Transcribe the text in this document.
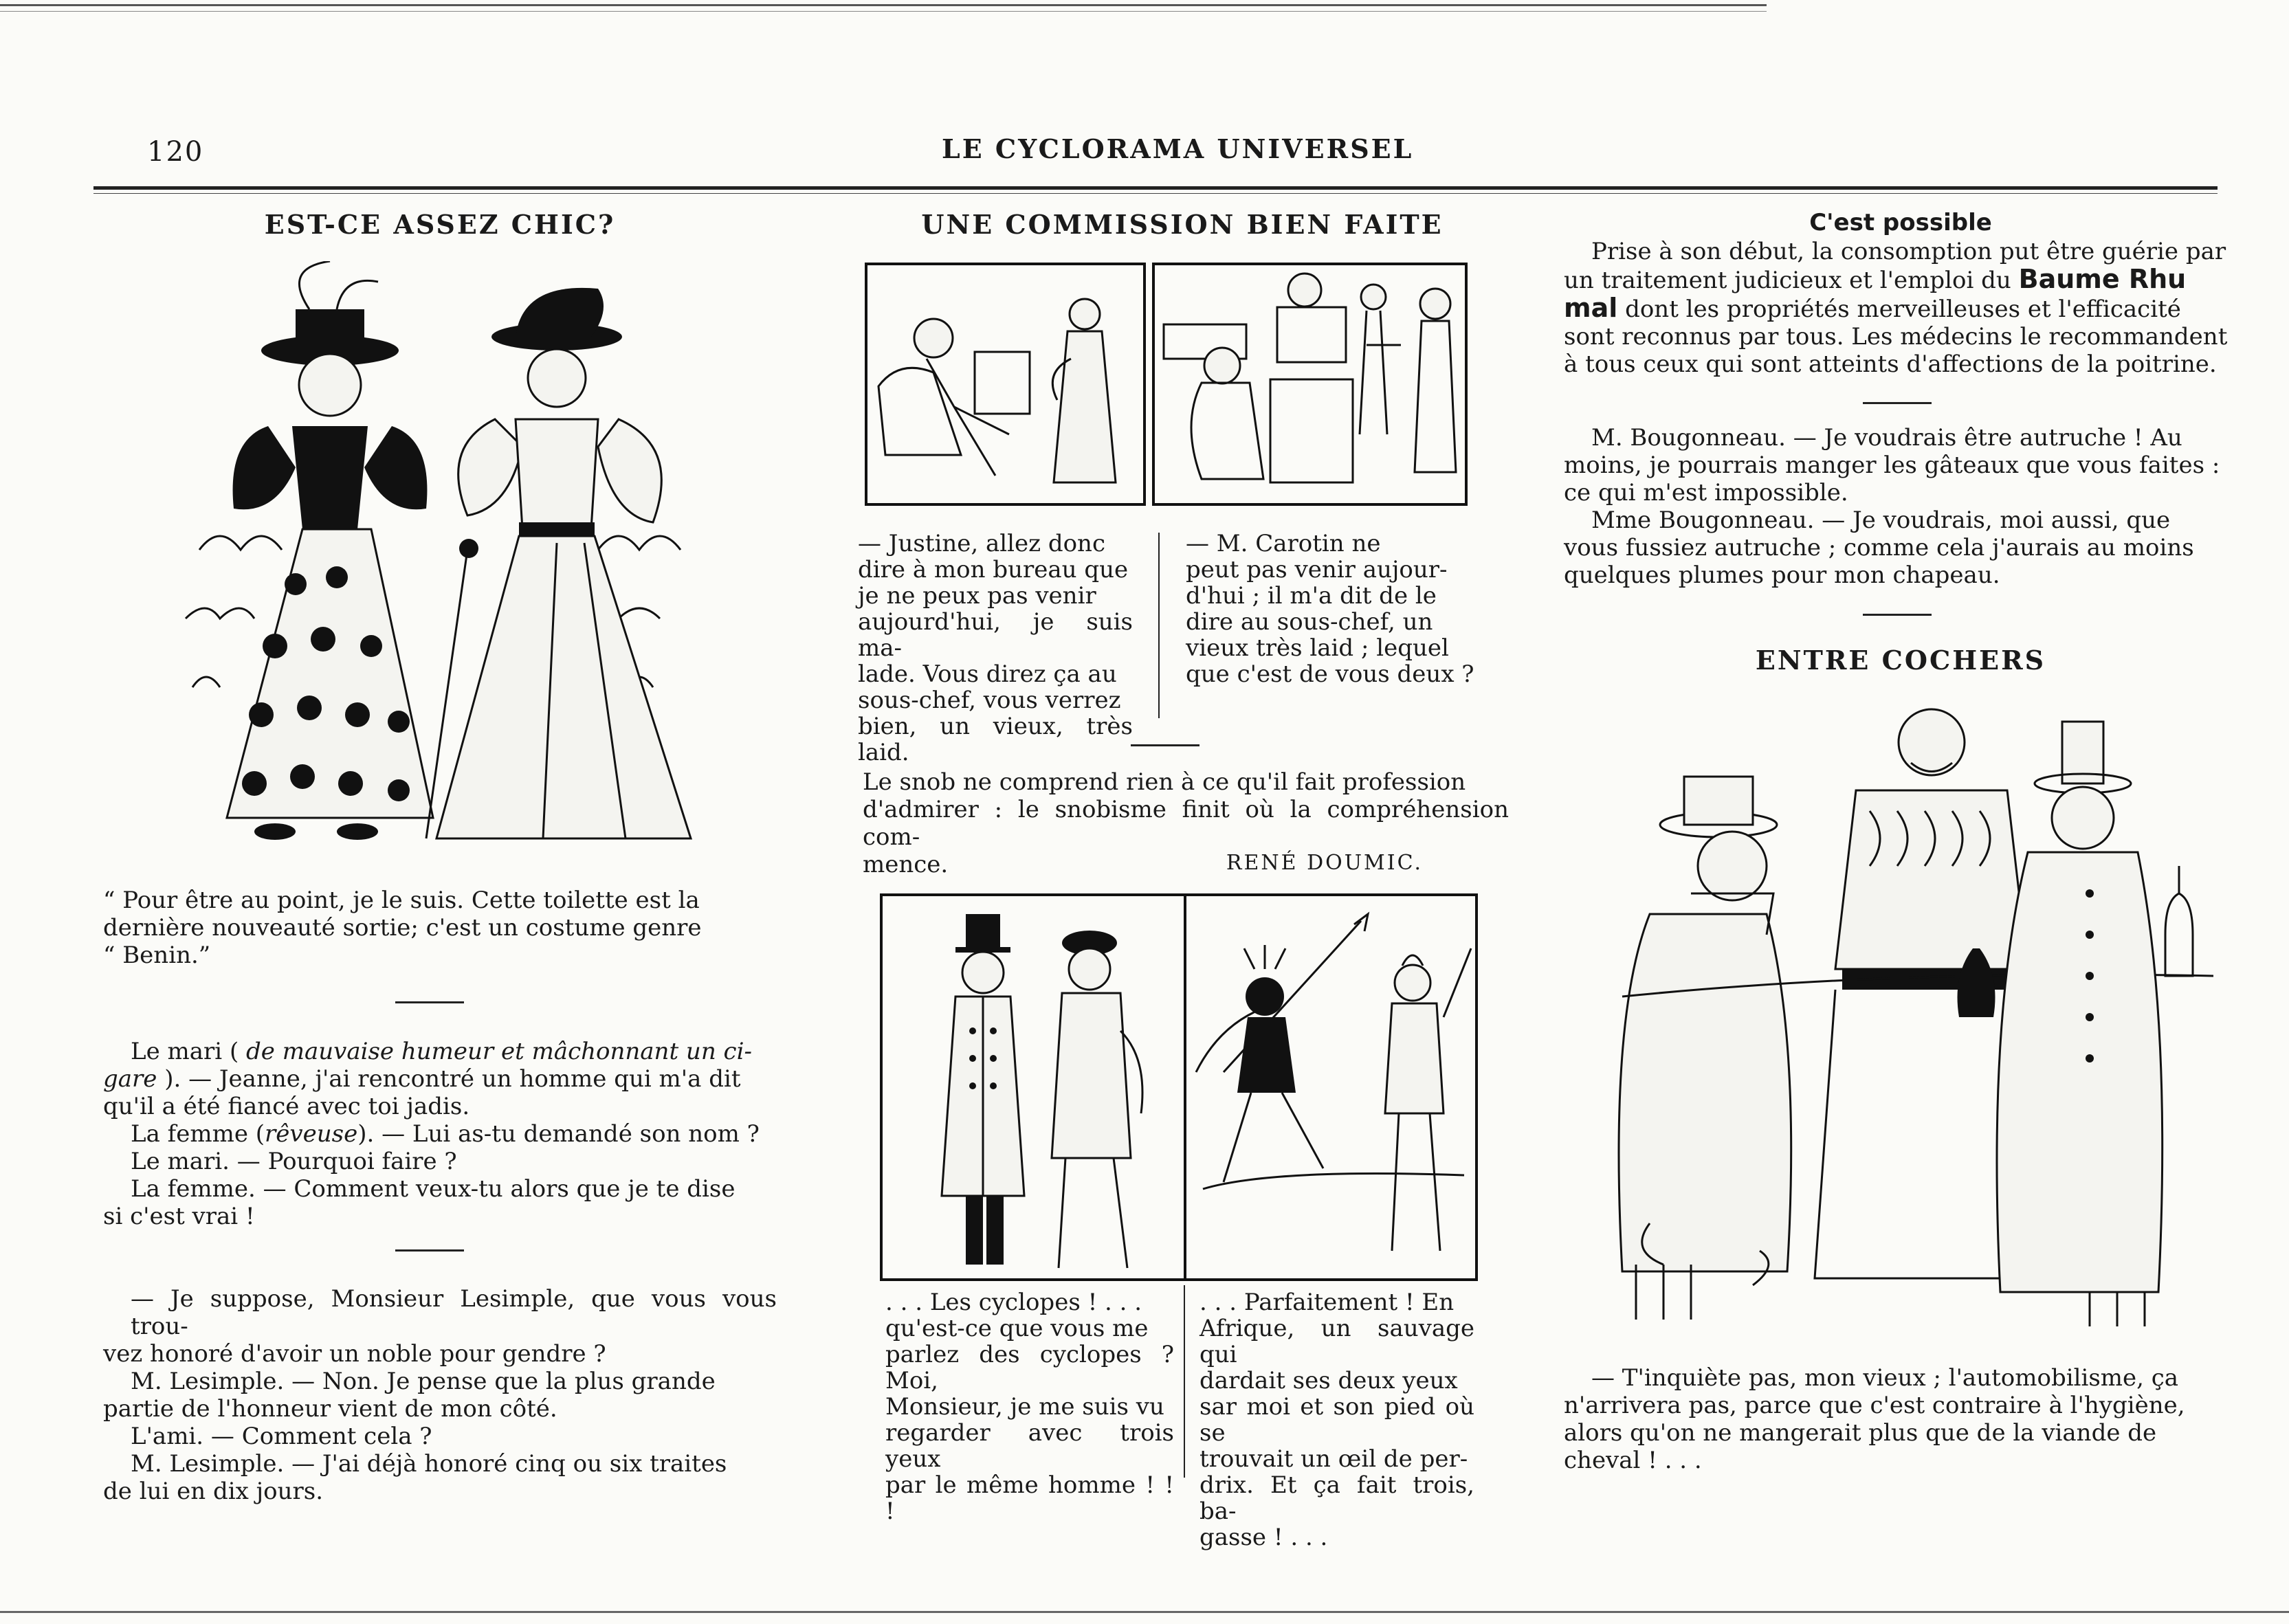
120	LE CYCLORAMA UNIVERSEL
EST-CE ASSEZ CHIC?
“ Pour être au point, je le suis. Cette toilette est la
dernière nouveauté sortie; c'est un costume genre
“ Benin.”
Le mari ( de mauvaise humeur et mâchonnant un ci-
gare ). — Jeanne, j'ai rencontré un homme qui m'a dit
qu'il a été fiancé avec toi jadis.
La femme (rêveuse). — Lui as-tu demandé son nom ?
Le mari. — Pourquoi faire ?
La femme. — Comment veux-tu alors que je te dise
si c'est vrai !
— Je suppose, Monsieur Lesimple, que vous vous trou-
vez honoré d'avoir un noble pour gendre ?
M. Lesimple. — Non. Je pense que la plus grande
partie de l'honneur vient de mon côté.
L'ami. — Comment cela ?
M. Lesimple. — J'ai déjà honoré cinq ou six traites
de lui en dix jours.
UNE COMMISSION BIEN FAITE
— Justine, allez donc
dire à mon bureau que
je ne peux pas venir
aujourd'hui, je suis ma-
lade. Vous direz ça au
sous-chef, vous verrez
bien, un vieux, très laid.
— M. Carotin ne
peut pas venir aujour-
d'hui ; il m'a dit de le
dire au sous-chef, un
vieux très laid ; lequel
que c'est de vous deux ?
Le snob ne comprend rien à ce qu'il fait profession
d'admirer : le snobisme finit où la compréhension com-
mence.	RENÉ DOUMIC.
. . . Les cyclopes ! . . .
qu'est-ce que vous me
parlez des cyclopes ? Moi,
Monsieur, je me suis vu
regarder avec trois yeux
par le même homme ! ! !
. . . Parfaitement ! En
Afrique, un sauvage qui
dardait ses deux yeux
sar moi et son pied où se
trouvait un œil de per-
drix. Et ça fait trois, ba-
gasse ! . . .
C'est possible
Prise à son début, la consomption put être guérie par
un traitement judicieux et l'emploi du Baume Rhu
mal dont les propriétés merveilleuses et l'efficacité
sont reconnus par tous. Les médecins le recommandent
à tous ceux qui sont atteints d'affections de la poitrine.
M. Bougonneau. — Je voudrais être autruche ! Au
moins, je pourrais manger les gâteaux que vous faites :
ce qui m'est impossible.
Mme Bougonneau. — Je voudrais, moi aussi, que
vous fussiez autruche ; comme cela j'aurais au moins
quelques plumes pour mon chapeau.
ENTRE COCHERS
— T'inquiète pas, mon vieux ; l'automobilisme, ça
n'arrivera pas, parce que c'est contraire à l'hygiène,
alors qu'on ne mangerait plus que de la viande de
cheval ! . . .
